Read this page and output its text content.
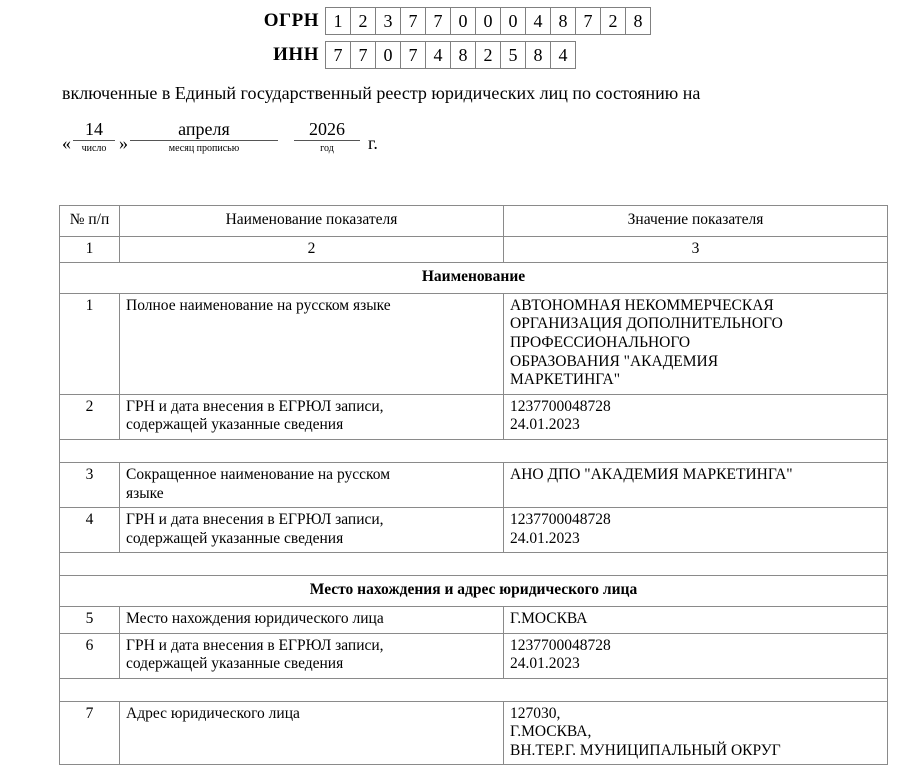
ОГРН 1 2 3 7 7 0 0 0 4 8 7 2 8
ИНН 7 7 0 7 4 8 2 5 8 4
включенные в Единый государственный реестр юридических лиц по состоянию на
«
14
число »
апреля
месяц прописью
2026
год	г.
№ п/п	Наименование показателя	Значение показателя
1	2	3
Наименование		
1	Полное наименование на русском языке	АВТОНОМНАЯ НЕКОММЕРЧЕСКАЯ
ОРГАНИЗАЦИЯ ДОПОЛНИТЕЛЬНОГО
ПРОФЕССИОНАЛЬНОГО
ОБРАЗОВАНИЯ "АКАДЕМИЯ
МАРКЕТИНГА"

2	ГРН и дата внесения в ЕГРЮЛ записи,
содержащей указанные сведения	1237700048728
24.01.2023

3	Сокращенное наименование на русском
языке	АНО ДПО "АКАДЕМИЯ МАРКЕТИНГА"

4	ГРН и дата внесения в ЕГРЮЛ записи,
содержащей указанные сведения	1237700048728
24.01.2023

Место нахождения и адрес юридического лица		
5	Место нахождения юридического лица	Г.МОСКВА

6	ГРН и дата внесения в ЕГРЮЛ записи,
содержащей указанные сведения	1237700048728
24.01.2023

7	Адрес юридического лица	127030,
Г.МОСКВА,
ВН.ТЕР.Г. МУНИЦИПАЛЬНЫЙ ОКРУГ
